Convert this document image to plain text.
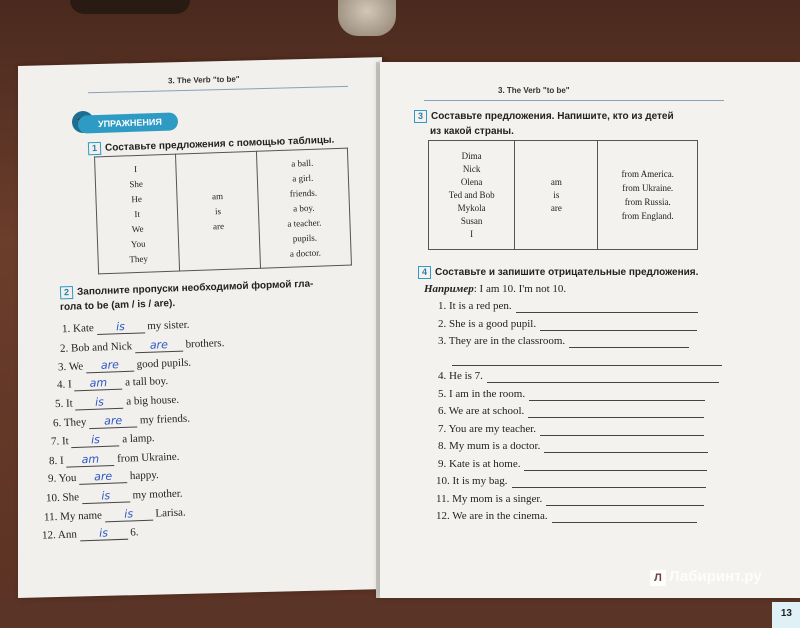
3. The Verb "to be"
УПРАЖНЕНИЯ
1 Составьте предложения с помощью таблицы.
I
She
He
It
We
You
They

am
is
are

a ball.
a girl.
friends.
a boy.
a teacher.
pupils.
a doctor.
2 Заполните пропуски необходимой формой гла-
гола to be (am / is / are).
1. Kate is my sister.
2. Bob and Nick are brothers.
3. We are good pupils.
4. I am a tall boy.
5. It is a big house.
6. They are my friends.
7. It is a lamp.
8. I am from Ukraine.
9. You are happy.
10. She is my mother.
11. My name is Larisa.
12. Ann is 6.
3. The Verb "to be"
13
3 Составьте предложения. Напишите, кто из детей
из какой страны.
Dima
Nick
Olena
Ted and Bob
Mykola
Susan
I

am
is
are

from America.
from Ukraine.
from Russia.
from England.
4 Составьте и запишите отрицательные предложения.
Например: I am 10. I'm not 10.
1. It is a red pen.
2. She is a good pupil.
3. They are in the classroom.

4. He is 7.
5. I am in the room.
6. We are at school.
7. You are my teacher.
8. My mum is a doctor.
9. Kate is at home.
10. It is my bag.
11. My mom is a singer.
12. We are in the cinema.
Л Лабиринт.ру
